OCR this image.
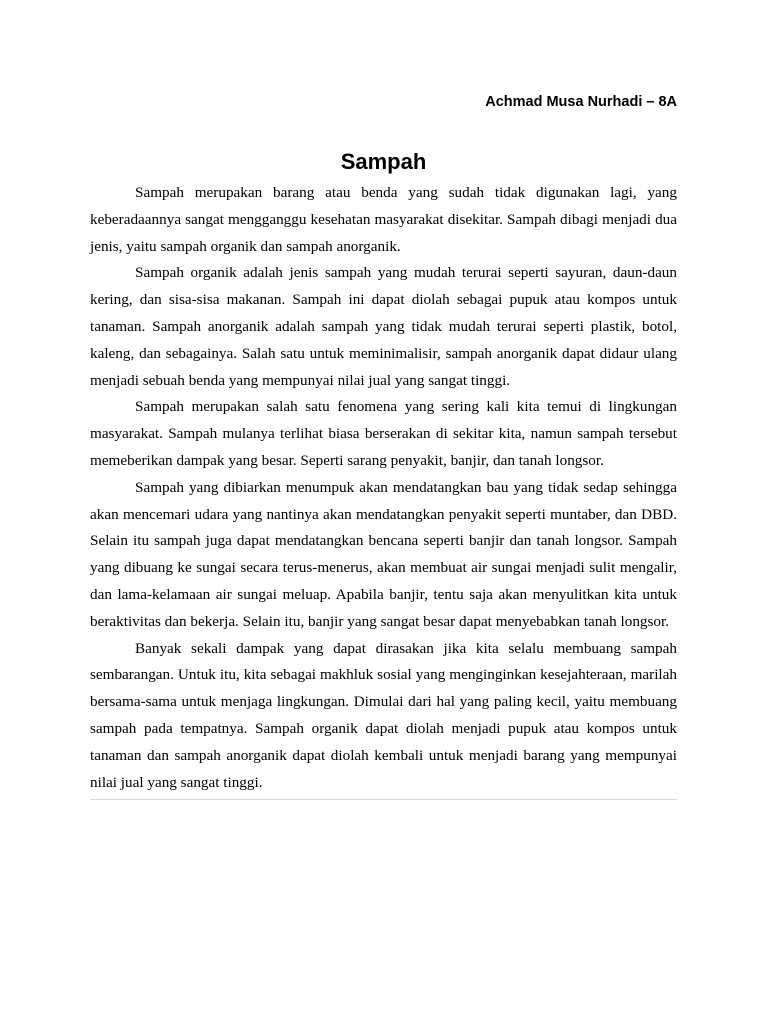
Achmad Musa Nurhadi – 8A
Sampah

Sampah merupakan barang atau benda yang sudah tidak digunakan lagi, yang keberadaannya sangat mengganggu kesehatan masyarakat disekitar. Sampah dibagi menjadi dua jenis, yaitu sampah organik dan sampah anorganik.

Sampah organik adalah jenis sampah yang mudah terurai seperti sayuran, daun-daun kering, dan sisa-sisa makanan. Sampah ini dapat diolah sebagai pupuk atau kompos untuk tanaman. Sampah anorganik adalah sampah yang tidak mudah terurai seperti plastik, botol, kaleng, dan sebagainya. Salah satu untuk meminimalisir, sampah anorganik dapat didaur ulang menjadi sebuah benda yang mempunyai nilai jual yang sangat tinggi.

Sampah merupakan salah satu fenomena yang sering kali kita temui di lingkungan masyarakat. Sampah mulanya terlihat biasa berserakan di sekitar kita, namun sampah tersebut memeberikan dampak yang besar. Seperti sarang penyakit, banjir, dan tanah longsor.

Sampah yang dibiarkan menumpuk akan mendatangkan bau yang tidak sedap sehingga akan mencemari udara yang nantinya akan mendatangkan penyakit seperti muntaber, dan DBD. Selain itu sampah juga dapat mendatangkan bencana seperti banjir dan tanah longsor. Sampah yang dibuang ke sungai secara terus-menerus, akan membuat air sungai menjadi sulit mengalir, dan lama-kelamaan air sungai meluap. Apabila banjir, tentu saja akan menyulitkan kita untuk beraktivitas dan bekerja. Selain itu, banjir yang sangat besar dapat menyebabkan tanah longsor.

Banyak sekali dampak yang dapat dirasakan jika kita selalu membuang sampah sembarangan. Untuk itu, kita sebagai makhluk sosial yang menginginkan kesejahteraan, marilah bersama-sama untuk menjaga lingkungan. Dimulai dari hal yang paling kecil, yaitu membuang sampah pada tempatnya. Sampah organik dapat diolah menjadi pupuk atau kompos untuk tanaman dan sampah anorganik dapat diolah kembali untuk menjadi barang yang mempunyai nilai jual yang sangat tinggi.
